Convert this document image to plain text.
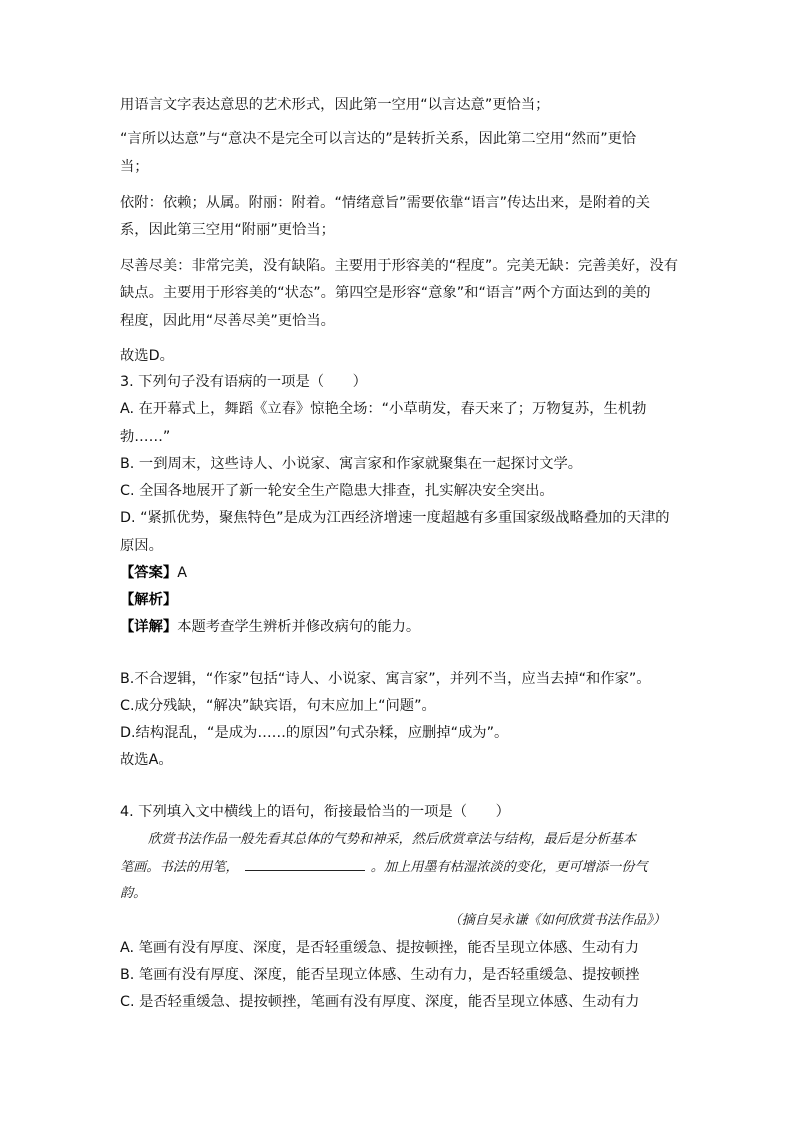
用语言文字表达意思的艺术形式，因此第一空用“以言达意”更恰当；

“言所以达意”与“意决不是完全可以言达的”是转折关系，因此第二空用“然而”更恰

当；

依附：依赖；从属。附丽：附着。“情绪意旨”需要依靠“语言”传达出来，是附着的关

系，因此第三空用“附丽”更恰当；

尽善尽美：非常完美，没有缺陷。主要用于形容美的“程度”。完美无缺：完善美好，没有

缺点。主要用于形容美的“状态”。第四空是形容“意象”和“语言”两个方面达到的美的

程度，因此用“尽善尽美”更恰当。

故选D。

3. 下列句子没有语病的一项是（　　）

A. 在开幕式上，舞蹈《立春》惊艳全场：“小草萌发，春天来了；万物复苏，生机勃

勃……”

B. 一到周末，这些诗人、小说家、寓言家和作家就聚集在一起探讨文学。

C. 全国各地展开了新一轮安全生产隐患大排查，扎实解决安全突出。

D. “紧抓优势，聚焦特色”是成为江西经济增速一度超越有多重国家级战略叠加的天津的

原因。

【答案】A

【解析】

【详解】本题考查学生辨析并修改病句的能力。

B.不合逻辑，“作家”包括“诗人、小说家、寓言家”，并列不当，应当去掉“和作家”。

C.成分残缺，“解决”缺宾语，句末应加上“问题”。

D.结构混乱，“是成为……的原因”句式杂糅，应删掉“成为”。

故选A。

4. 下列填入文中横线上的语句，衔接最恰当的一项是（　　）

欣赏书法作品一般先看其总体的气势和神采，然后欣赏章法与结构，最后是分析基本

笔画。书法的用笔，	。加上用墨有枯湿浓淡的变化，更可增添一份气

韵。

（摘自吴永谦《如何欣赏书法作品》）

A. 笔画有没有厚度、深度，是否轻重缓急、提按顿挫，能否呈现立体感、生动有力

B. 笔画有没有厚度、深度，能否呈现立体感、生动有力，是否轻重缓急、提按顿挫

C. 是否轻重缓急、提按顿挫，笔画有没有厚度、深度，能否呈现立体感、生动有力
